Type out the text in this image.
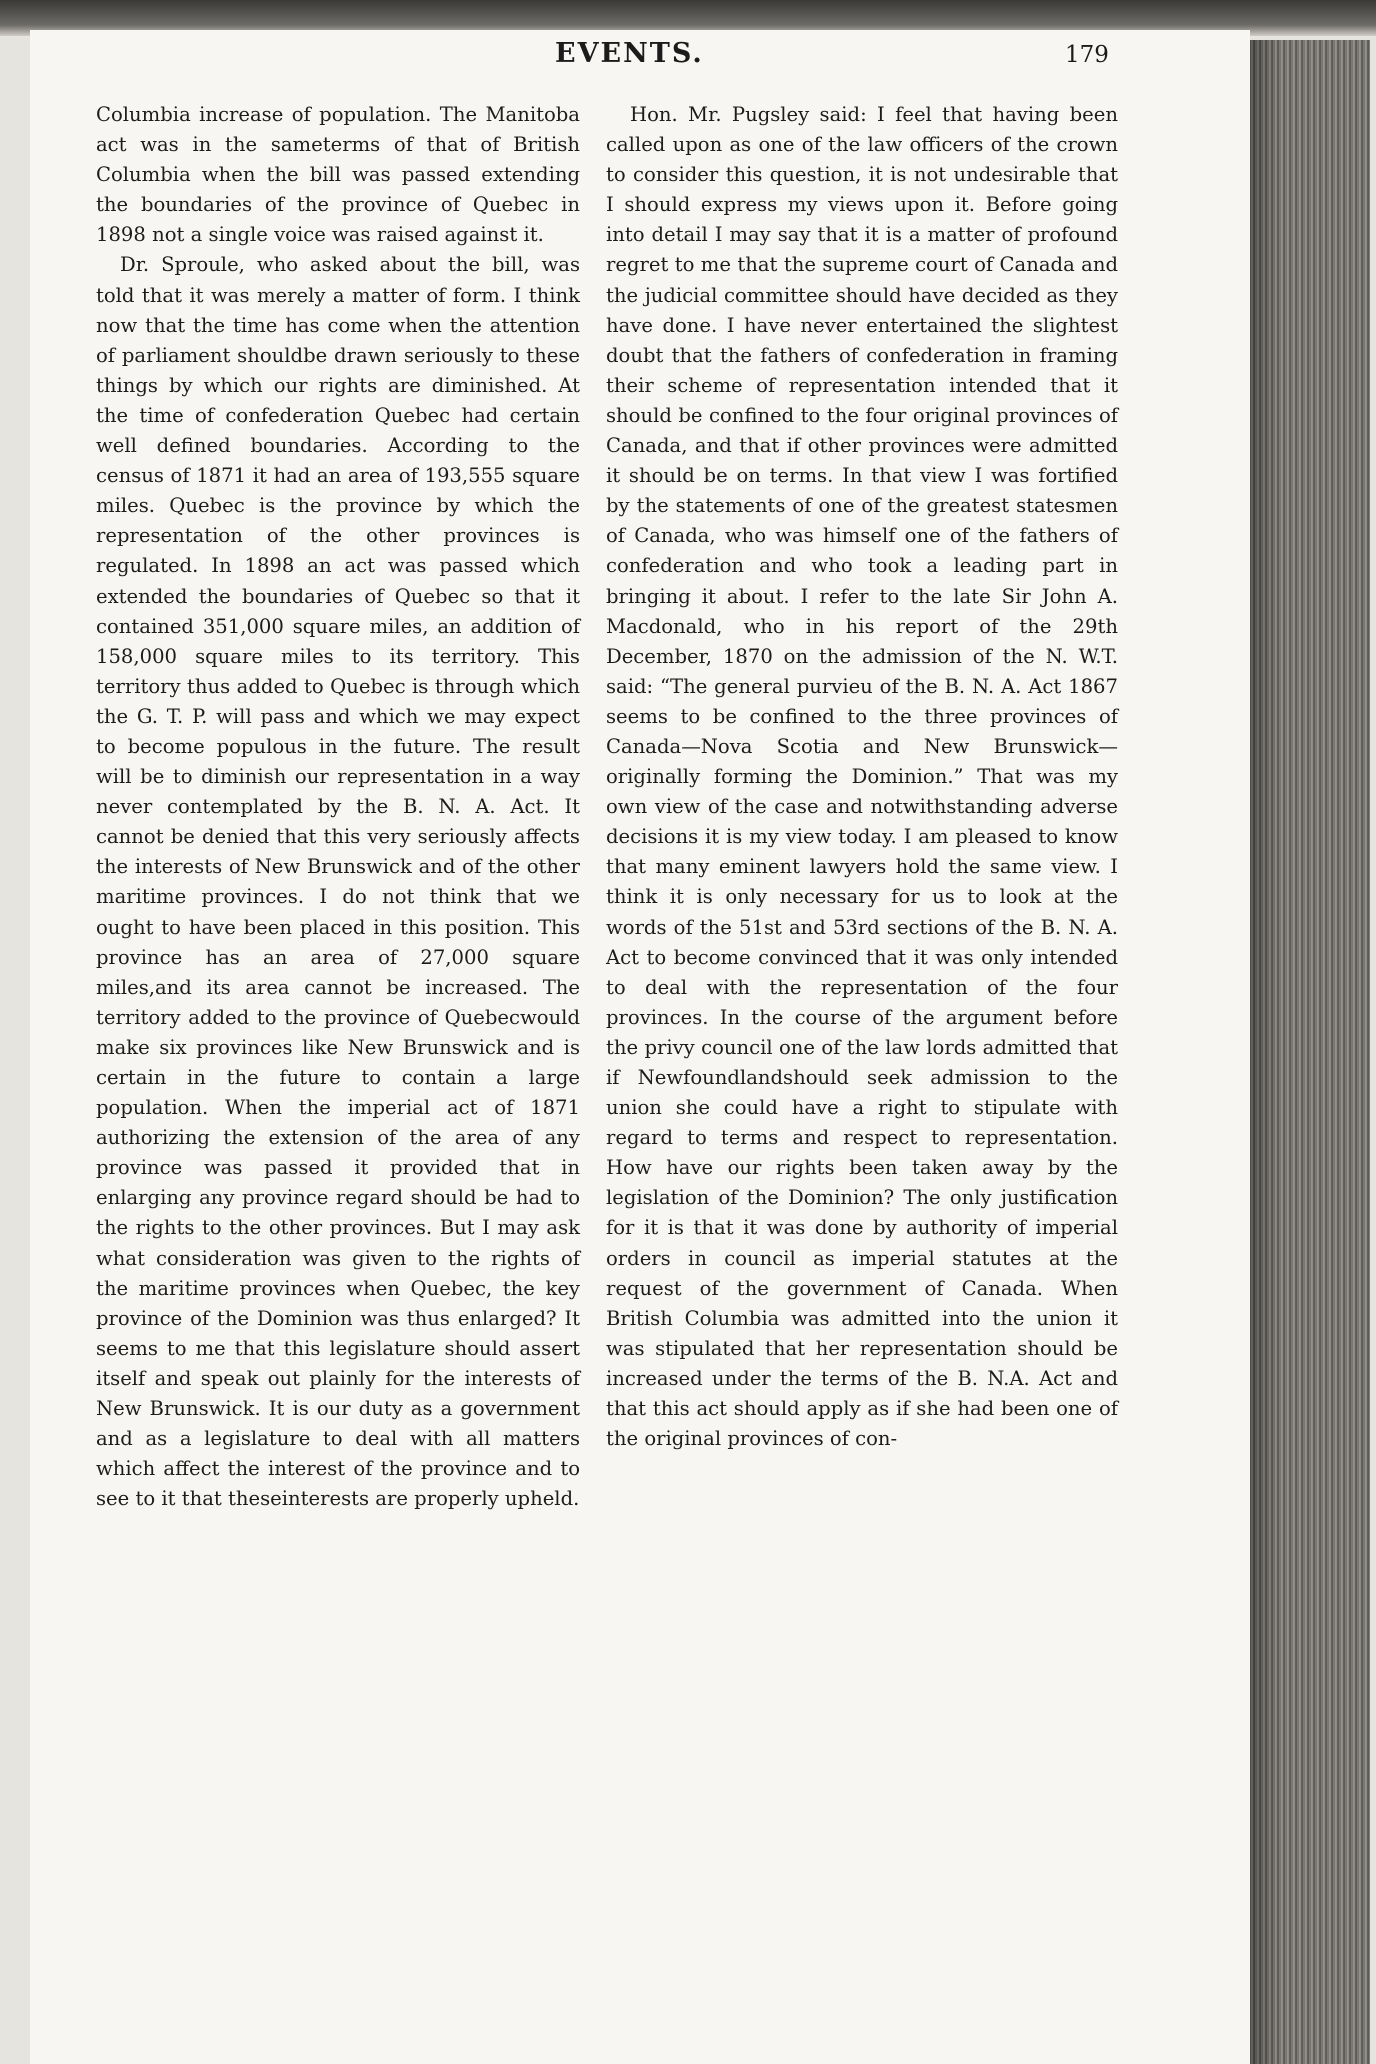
EVENTS.	179

Columbia increase of population. The Manitoba act was in the sameterms of that of British Columbia when the bill was passed extending the boundaries of the province of Quebec in 1898 not a single voice was raised against it.

Dr. Sproule, who asked about the bill, was told that it was merely a matter of form. I think now that the time has come when the attention of parliament shouldbe drawn seriously to these things by which our rights are diminished. At the time of confederation Quebec had certain well defined boundaries. According to the census of 1871 it had an area of 193,555 square miles. Quebec is the province by which the representation of the other provinces is regulated. In 1898 an act was passed which extended the boundaries of Quebec so that it contained 351,000 square miles, an addition of 158,000 square miles to its territory. This territory thus added to Quebec is through which the G. T. P. will pass and which we may expect to become populous in the future. The result will be to diminish our representation in a way never contemplated by the B. N. A. Act. It cannot be denied that this very seriously affects the interests of New Brunswick and of the other maritime provinces. I do not think that we ought to have been placed in this position. This province has an area of 27,000 square miles,and its area cannot be increased. The territory added to the province of Quebecwould make six provinces like New Brunswick and is certain in the future to contain a large population. When the imperial act of 1871 authorizing the extension of the area of any province was passed it provided that in enlarging any province regard should be had to the rights to the other provinces. But I may ask what consideration was given to the rights of the maritime provinces when Quebec, the key province of the Dominion was thus enlarged? It seems to me that this legislature should assert itself and speak out plainly for the interests of New Brunswick. It is our duty as a government and as a legislature to deal with all matters which affect the interest of the province and to see to it that theseinterests are properly upheld.

Hon. Mr. Pugsley said: I feel that having been called upon as one of the law officers of the crown to consider this question, it is not undesirable that I should express my views upon it. Before going into detail I may say that it is a matter of profound regret to me that the supreme court of Canada and the judicial committee should have decided as they have done. I have never entertained the slightest doubt that the fathers of confederation in framing their scheme of representation intended that it should be confined to the four original provinces of Canada, and that if other provinces were admitted it should be on terms. In that view I was fortified by the statements of one of the greatest statesmen of Canada, who was himself one of the fathers of confederation and who took a leading part in bringing it about. I refer to the late Sir John A. Macdonald, who in his report of the 29th December, 1870 on the admission of the N. W.T. said: “The general purvieu of the B. N. A. Act 1867 seems to be confined to the three provinces of Canada—Nova Scotia and New Brunswick—originally forming the Dominion.” That was my own view of the case and notwithstanding adverse decisions it is my view today. I am pleased to know that many eminent lawyers hold the same view. I think it is only necessary for us to look at the words of the 51st and 53rd sections of the B. N. A. Act to become convinced that it was only intended to deal with the representation of the four provinces. In the course of the argument before the privy council one of the law lords admitted that if Newfoundlandshould seek admission to the union she could have a right to stipulate with regard to terms and respect to representation. How have our rights been taken away by the legislation of the Dominion? The only justification for it is that it was done by authority of imperial orders in council as imperial statutes at the request of the government of Canada. When British Columbia was admitted into the union it was stipulated that her representation should be increased under the terms of the B. N.A. Act and that this act should apply as if she had been one of the original provinces of con-
